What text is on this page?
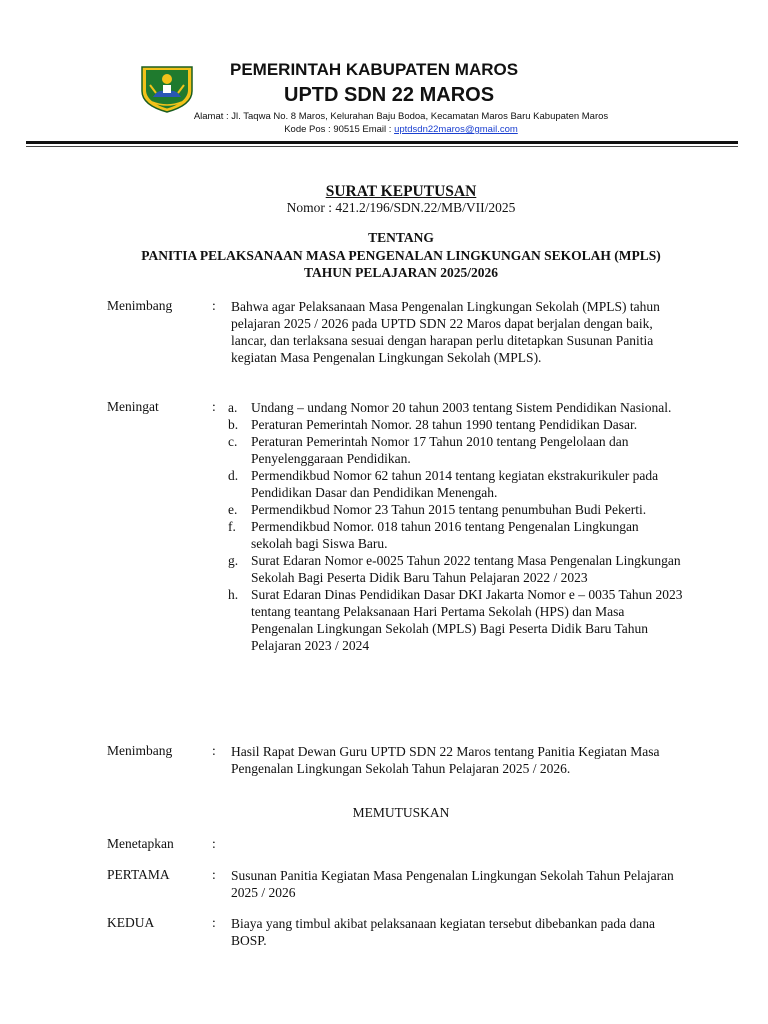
PEMERINTAH KABUPATEN MAROS
UPTD SDN 22 MAROS
Alamat : Jl. Taqwa No. 8 Maros, Kelurahan Baju Bodoa, Kecamatan Maros Baru Kabupaten Maros
Kode Pos : 90515 Email : uptdsdn22maros@gmail.com
SURAT KEPUTUSAN
Nomor : 421.2/196/SDN.22/MB/VII/2025
TENTANG
PANITIA PELAKSANAAN MASA PENGENALAN LINGKUNGAN SEKOLAH (MPLS)
TAHUN PELAJARAN 2025/2026
Menimbang	: Bahwa agar Pelaksanaan Masa Pengenalan Lingkungan Sekolah (MPLS) tahun pelajaran 2025 / 2026 pada UPTD SDN 22 Maros dapat berjalan dengan baik, lancar, dan terlaksana sesuai dengan harapan perlu ditetapkan Susunan Panitia kegiatan Masa Pengenalan Lingkungan Sekolah (MPLS).
Meningat	: a. Undang – undang Nomor 20 tahun 2003 tentang Sistem Pendidikan Nasional.
b. Peraturan Pemerintah Nomor. 28 tahun 1990 tentang Pendidikan Dasar.
c. Peraturan Pemerintah Nomor 17 Tahun 2010 tentang Pengelolaan dan Penyelenggaraan Pendidikan.
d. Permendikbud Nomor 62 tahun 2014 tentang kegiatan ekstrakurikuler pada Pendidikan Dasar dan Pendidikan Menengah.
e. Permendikbud Nomor 23 Tahun 2015 tentang penumbuhan Budi Pekerti.
f. Permendikbud Nomor. 018 tahun 2016 tentang Pengenalan Lingkungan sekolah bagi Siswa Baru.
g. Surat Edaran Nomor e-0025 Tahun 2022 tentang Masa Pengenalan Lingkungan Sekolah Bagi Peserta Didik Baru Tahun Pelajaran 2022 / 2023
h. Surat Edaran Dinas Pendidikan Dasar DKI Jakarta Nomor e – 0035 Tahun 2023 tentang teantang Pelaksanaan Hari Pertama Sekolah (HPS) dan Masa Pengenalan Lingkungan Sekolah (MPLS) Bagi Peserta Didik Baru Tahun Pelajaran 2023 / 2024
Menimbang	: Hasil Rapat Dewan Guru UPTD SDN 22 Maros tentang Panitia Kegiatan Masa Pengenalan Lingkungan Sekolah Tahun Pelajaran 2025 / 2026.
MEMUTUSKAN
Menetapkan	:
PERTAMA	: Susunan Panitia Kegiatan Masa Pengenalan Lingkungan Sekolah Tahun Pelajaran 2025 / 2026
KEDUA	: Biaya yang timbul akibat pelaksanaan kegiatan tersebut dibebankan pada dana BOSP.
